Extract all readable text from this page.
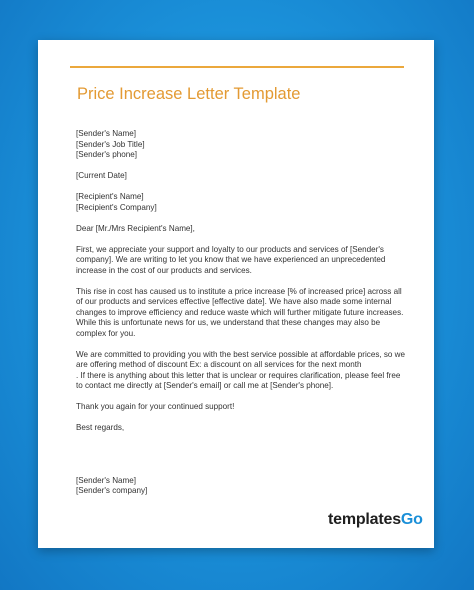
Price Increase Letter Template

[Sender's Name]
[Sender's Job Title]
[Sender's phone]

[Current Date]

[Recipient's Name]
[Recipient's Company]

Dear [Mr./Mrs Recipient's Name],

First, we appreciate your support and loyalty to our products and services of [Sender's
company]. We are writing to let you know that we have experienced an unprecedented
increase in the cost of our products and services.

This rise in cost has caused us to institute a price increase [% of increased price] across all
of our products and services effective [effective date]. We have also made some internal
changes to improve efficiency and reduce waste which will further mitigate future increases.
While this is unfortunate news for us, we understand that these changes may also be
complex for you.

We are committed to providing you with the best service possible at affordable prices, so we
are offering method of discount Ex: a discount on all services for the next month
. If there is anything about this letter that is unclear or requires clarification, please feel free
to contact me directly at [Sender's email] or call me at [Sender's phone].

Thank you again for your continued support!

Best regards,

[Sender's Name]
[Sender's company]

templatesGo
